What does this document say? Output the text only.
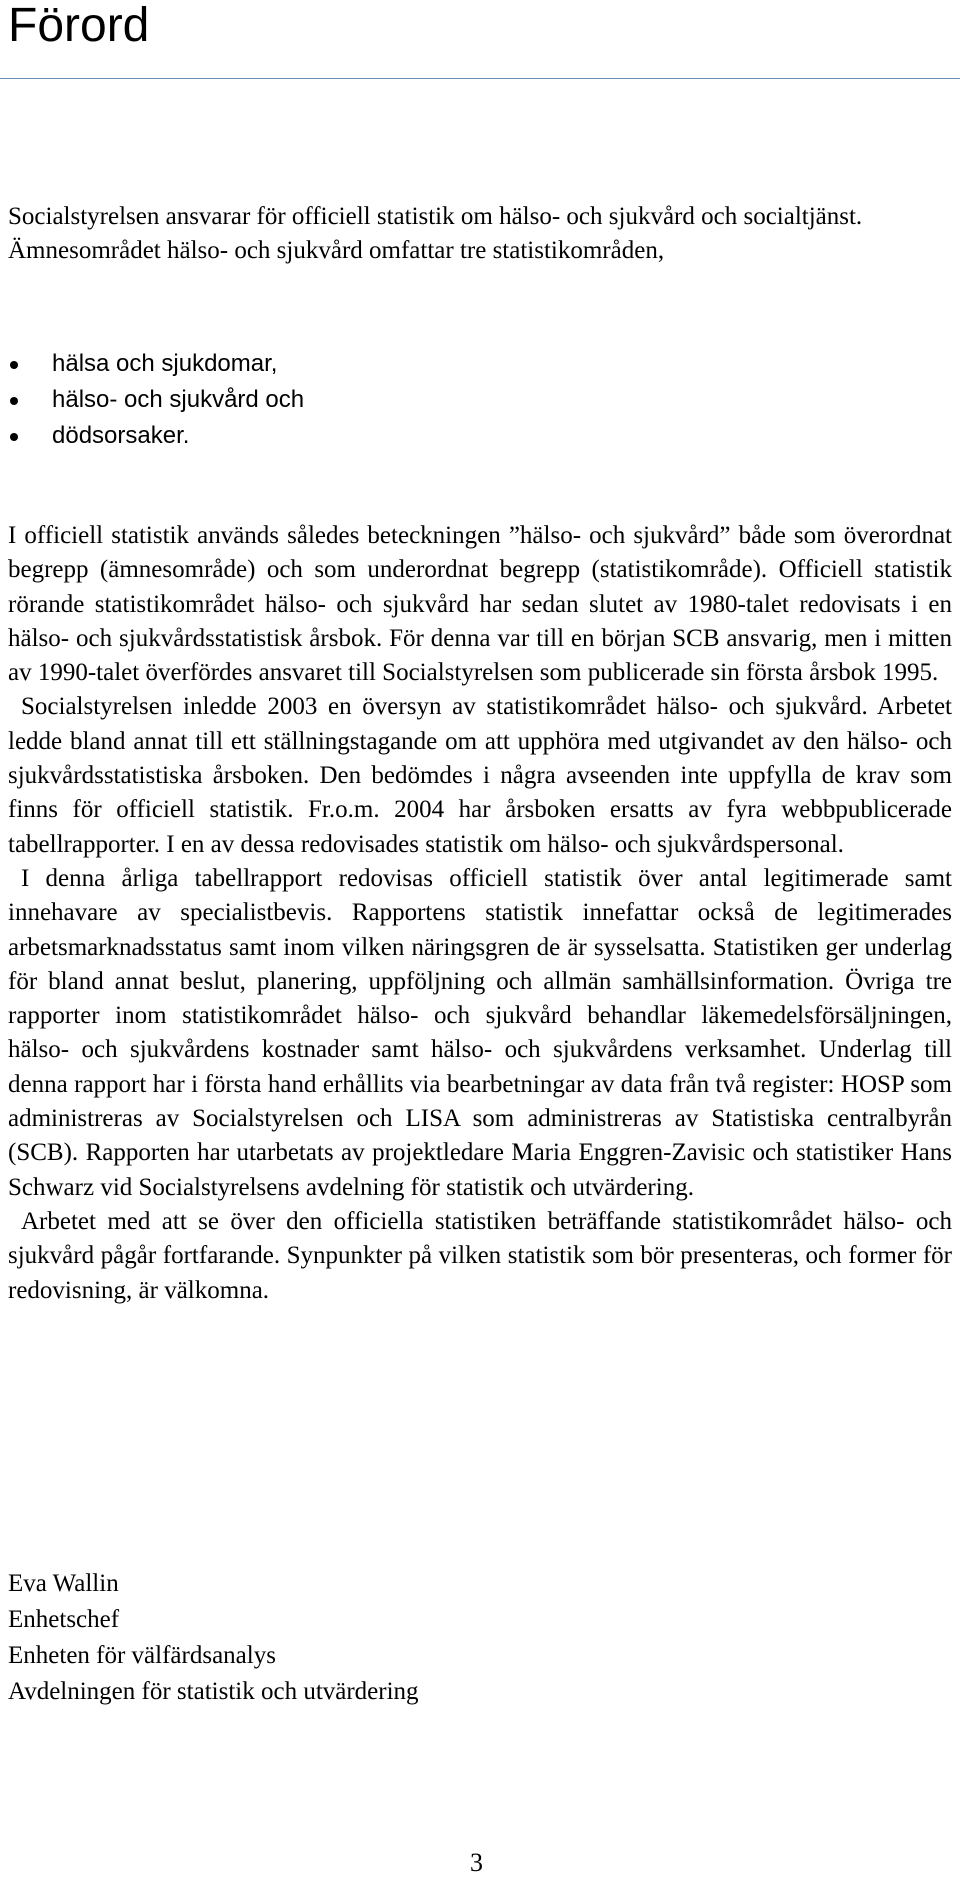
Förord

Socialstyrelsen ansvarar för officiell statistik om hälso- och sjukvård och socialtjänst. Ämnesområdet hälso- och sjukvård omfattar tre statistikområden,

hälsa och sjukdomar,
hälso- och sjukvård och
dödsorsaker.

I officiell statistik används således beteckningen ”hälso- och sjukvård” både som överordnat begrepp (ämnesområde) och som underordnat begrepp (statistikområde). Officiell statistik rörande statistikområdet hälso- och sjukvård har sedan slutet av 1980-talet redovisats i en hälso- och sjukvårdsstatistisk årsbok. För denna var till en början SCB ansvarig, men i mitten av 1990-talet överfördes ansvaret till Socialstyrelsen som publicerade sin första årsbok 1995.

Socialstyrelsen inledde 2003 en översyn av statistikområdet hälso- och sjukvård. Arbetet ledde bland annat till ett ställningstagande om att upphöra med utgivandet av den hälso- och sjukvårdsstatistiska årsboken. Den bedömdes i några avseenden inte uppfylla de krav som finns för officiell statistik. Fr.o.m. 2004 har årsboken ersatts av fyra webbpublicerade tabellrapporter. I en av dessa redovisades statistik om hälso- och sjukvårdspersonal.

I denna årliga tabellrapport redovisas officiell statistik över antal legitimerade samt innehavare av specialistbevis. Rapportens statistik innefattar också de legitimerades arbetsmarknadsstatus samt inom vilken näringsgren de är sysselsatta. Statistiken ger underlag för bland annat beslut, planering, uppföljning och allmän samhällsinformation. Övriga tre rapporter inom statistikområdet hälso- och sjukvård behandlar läkemedelsförsäljningen, hälso- och sjukvårdens kostnader samt hälso- och sjukvårdens verksamhet. Underlag till denna rapport har i första hand erhållits via bearbetningar av data från två register: HOSP som administreras av Socialstyrelsen och LISA som administreras av Statistiska centralbyrån (SCB). Rapporten har utarbetats av projektledare Maria Enggren-Zavisic och statistiker Hans Schwarz vid Socialstyrelsens avdelning för statistik och utvärdering.

Arbetet med att se över den officiella statistiken beträffande statistikområdet hälso- och sjukvård pågår fortfarande. Synpunkter på vilken statistik som bör presenteras, och former för redovisning, är välkomna.

Eva Wallin
Enhetschef
Enheten för välfärdsanalys
Avdelningen för statistik och utvärdering
3
